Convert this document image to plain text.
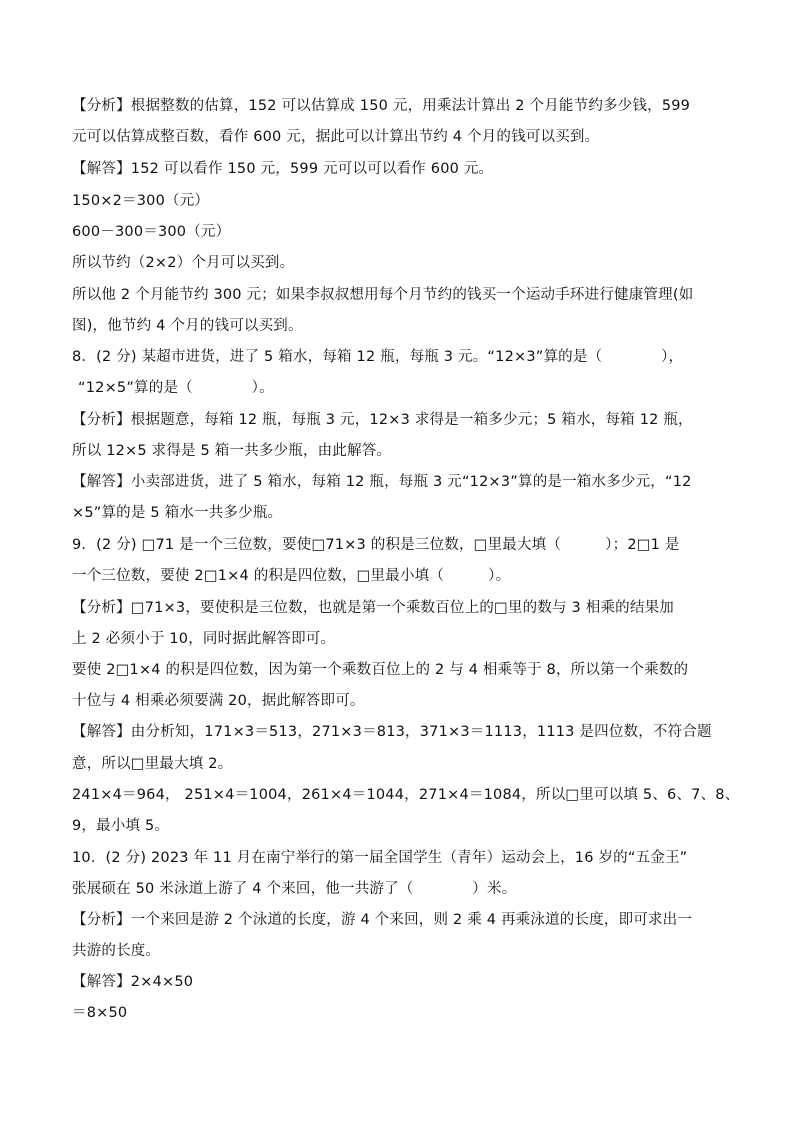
【分析】根据整数的估算，152 可以估算成 150 元，用乘法计算出 2 个月能节约多少钱，599
元可以估算成整百数，看作 600 元，据此可以计算出节约 4 个月的钱可以买到。
【解答】152 可以看作 150 元，599 元可以可以看作 600 元。
150×2＝300（元）
600－300＝300（元）
所以节约（2×2）个月可以买到。
所以他 2 个月能节约 300 元；如果李叔叔想用每个月节约的钱买一个运动手环进行健康管理(如
图)，他节约 4 个月的钱可以买到。
8．(2 分) 某超市进货，进了 5 箱水，每箱 12 瓶，每瓶 3 元。“12×3”算的是（　　　　），
“12×5”算的是（　　　　）。
【分析】根据题意，每箱 12 瓶，每瓶 3 元，12×3 求得是一箱多少元；5 箱水，每箱 12 瓶，
所以 12×5 求得是 5 箱一共多少瓶，由此解答。
【解答】小卖部进货，进了 5 箱水，每箱 12 瓶，每瓶 3 元“12×3”算的是一箱水多少元，“12
×5”算的是 5 箱水一共多少瓶。
9．(2 分) □71 是一个三位数，要使□71×3 的积是三位数，□里最大填（　　　）；2□1 是
一个三位数，要使 2□1×4 的积是四位数，□里最小填（　　　）。
【分析】□71×3，要使积是三位数，也就是第一个乘数百位上的□里的数与 3 相乘的结果加
上 2 必须小于 10，同时据此解答即可。
要使 2□1×4 的积是四位数，因为第一个乘数百位上的 2 与 4 相乘等于 8，所以第一个乘数的
十位与 4 相乘必须要满 20，据此解答即可。
【解答】由分析知，171×3＝513，271×3＝813，371×3＝1113，1113 是四位数，不符合题
意，所以□里最大填 2。
241×4＝964， 251×4＝1004，261×4＝1044，271×4＝1084，所以□里可以填 5、6、7、8、
9，最小填 5。
10．(2 分) 2023 年 11 月在南宁举行的第一届全国学生（青年）运动会上，16 岁的“五金王”
张展硕在 50 米泳道上游了 4 个来回，他一共游了（　　　　）米。
【分析】一个来回是游 2 个泳道的长度，游 4 个来回，则 2 乘 4 再乘泳道的长度，即可求出一
共游的长度。
【解答】2×4×50
＝8×50
